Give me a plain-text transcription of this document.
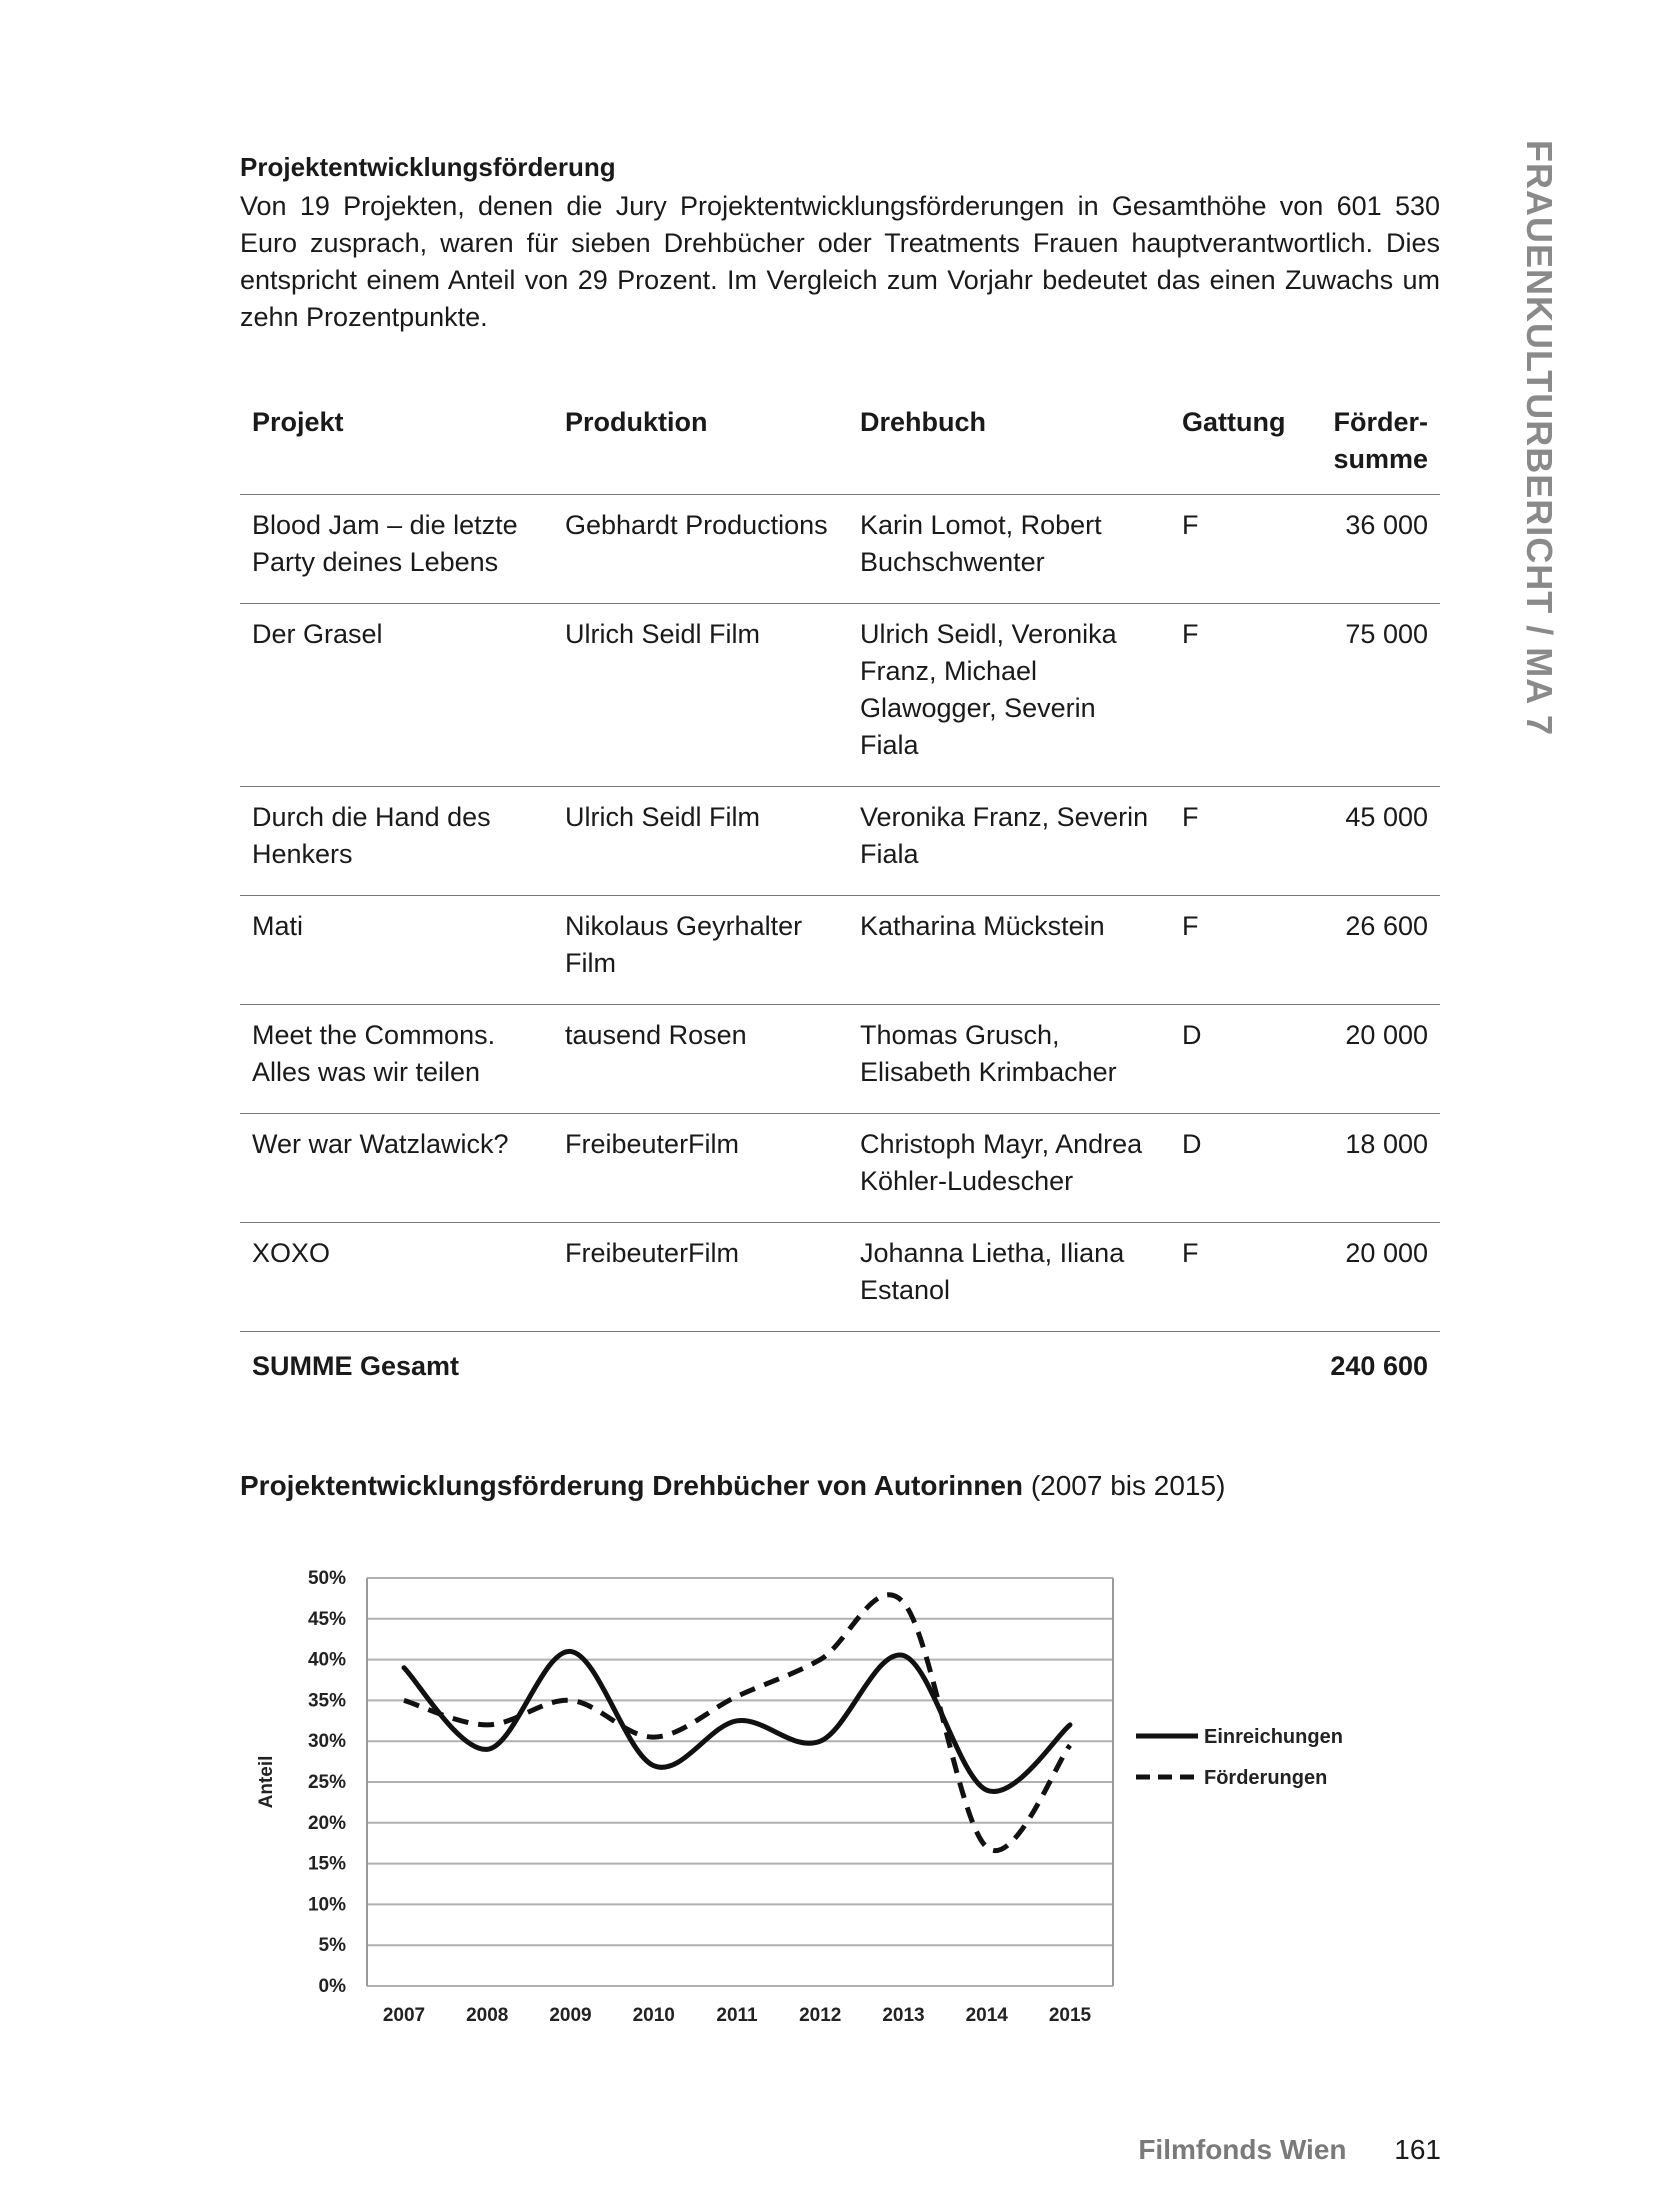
FRAUENKULTURBERICHT / MA 7
Projektentwicklungsförderung

Von 19 Projekten, denen die Jury Projektentwicklungsförderungen in Gesamthöhe von 601 530 Euro zusprach, waren für sieben Drehbücher oder Treatments Frauen hauptverantwortlich. Dies entspricht einem Anteil von 29 Prozent. Im Vergleich zum Vorjahr bedeutet das einen Zuwachs um zehn Prozentpunkte.

Projekt	Produktion	Drehbuch	Gattung	Förder-summe
Blood Jam – die letzte Party deines Lebens	Gebhardt Productions	Karin Lomot, Robert Buchschwenter	F	36 000
Der Grasel	Ulrich Seidl Film	Ulrich Seidl, Veronika Franz, Michael Glawogger, Severin Fiala	F	75 000
Durch die Hand des Henkers	Ulrich Seidl Film	Veronika Franz, Severin Fiala	F	45 000
Mati	Nikolaus Geyrhalter Film	Katharina Mückstein	F	26 600
Meet the Commons. Alles was wir teilen	tausend Rosen	Thomas Grusch, Elisabeth Krimbacher	D	20 000
Wer war Watzlawick?	FreibeuterFilm	Christoph Mayr, Andrea Köhler-Ludescher	D	18 000
XOXO	FreibeuterFilm	Johanna Lietha, Iliana Estanol	F	20 000
SUMME Gesamt				240 600
Projektentwicklungsförderung Drehbücher von Autorinnen (2007 bis 2015)
0%
5%
10%
15%
20%
25%
30%
35%
40%
45%
50%
2007 2008 2009 2010 2011 2012 2013 2014 2015
Anteil
Einreichungen
Förderungen
Filmfonds Wien 161
